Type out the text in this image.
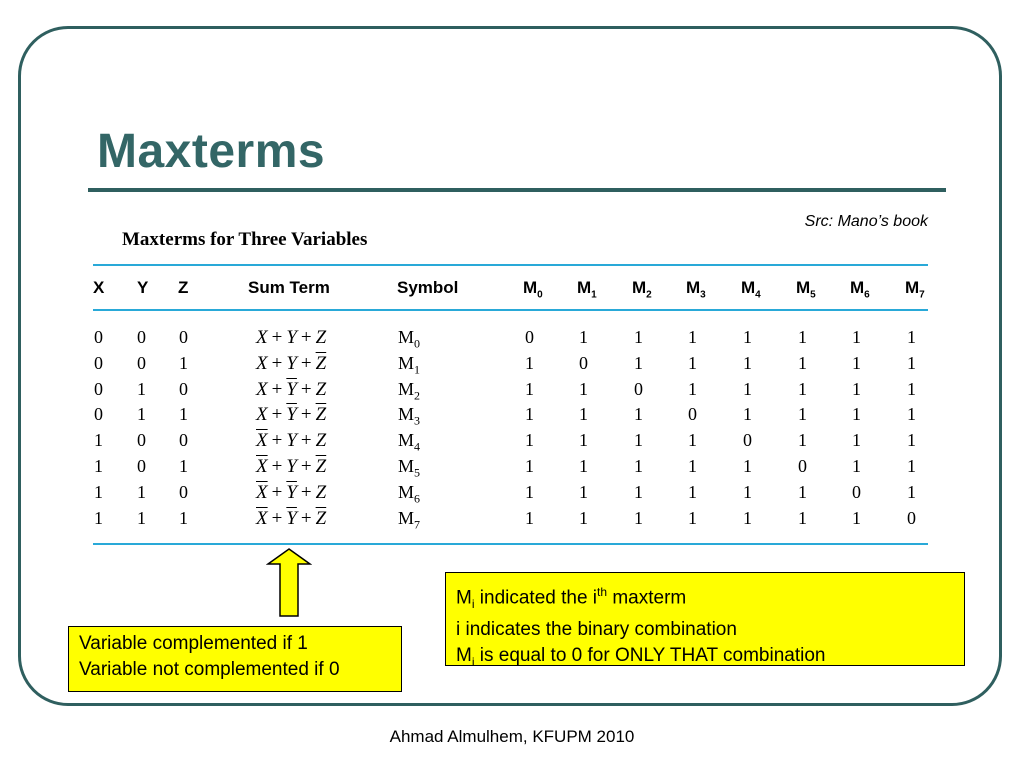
Maxterms
Src: Mano’s book
Maxterms for Three Variables
X Y Z	Sum Term	Symbol	$M_0$ $M_1$ $M_2$ $M_3$ $M_4$ $M_5$ $M_6$ $M_7$
0 0 0	X + Y + Z	$M_0$	0	1	1	1	1	1	1	1
0 0 1	$X + Y + \overline{Z}$	$M_1$	1	0	1	1	1	1	1	1
0 1 0	$X + \overline{Y} + Z$	$M_2$	1	1	0	1	1	1	1	1
0 1 1	$X + \overline{Y} + \overline{Z}$	$M_3$	1	1	1	0	1	1	1	1
1 0 0	$\overline{X} + Y + Z$	$M_4$	1	1	1	1	0	1	1	1
1 0 1	$\overline{X} + Y + \overline{Z}$	$M_5$	1	1	1	1	1	0	1	1
1 1 0	$\overline{X} + \overline{Y} + Z$	$M_6$	1	1	1	1	1	1	0	1
1 1 1	$\overline{X} + \overline{Y} + \overline{Z}$	$M_7$	1	1	1	1	1	1	1	0
Variable complemented if 1
Variable not complemented if 0
$M_i$ indicated the $i^{th}$ maxterm
i indicates the binary combination
$M_i$ is equal to 0 for ONLY THAT combination
Ahmad Almulhem, KFUPM 2010
